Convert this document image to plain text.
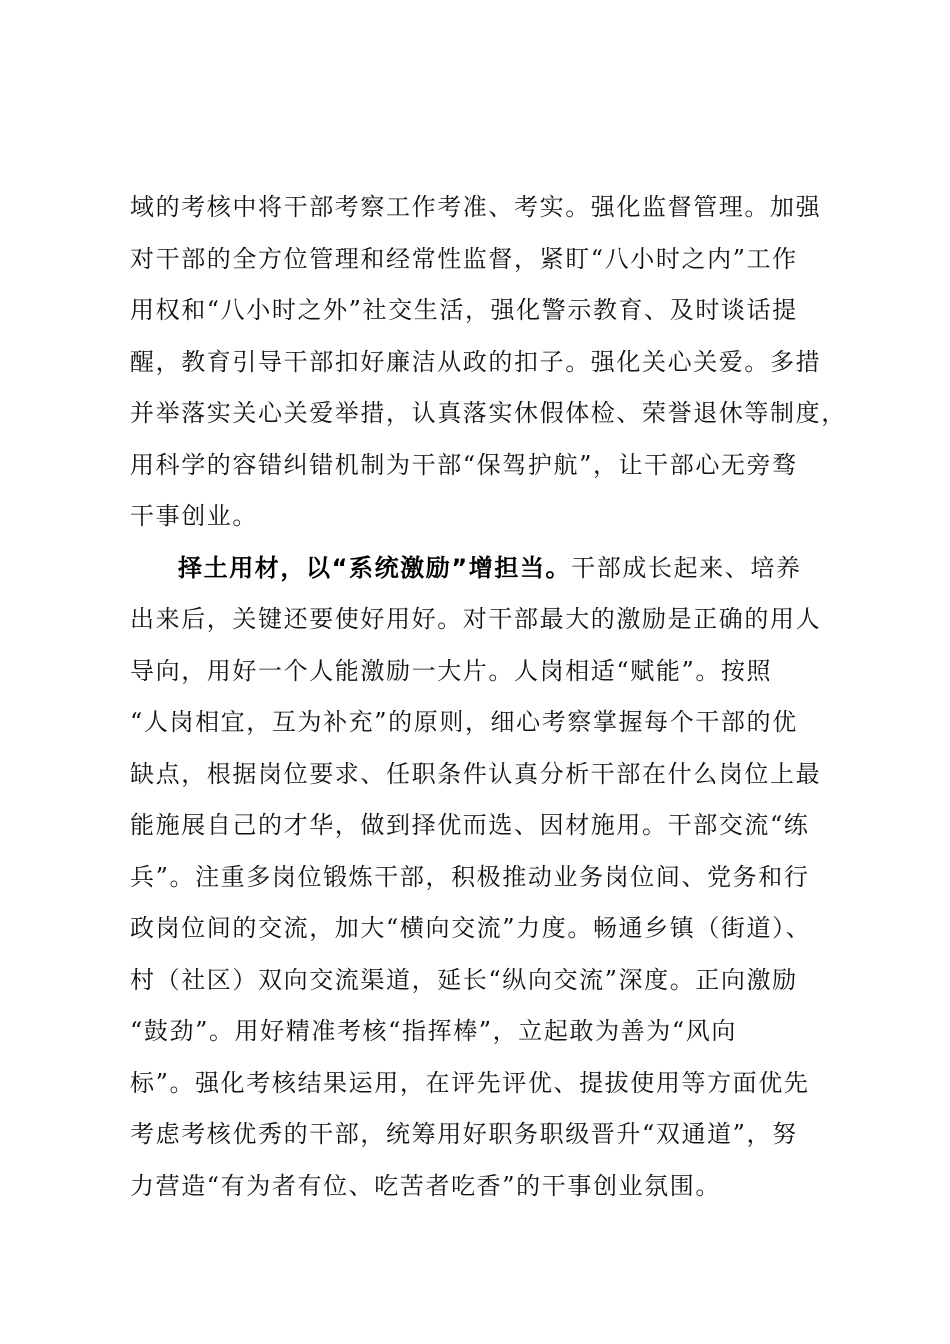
域的考核中将干部考察工作考准、考实。强化监督管理。加强
对干部的全方位管理和经常性监督，紧盯“八小时之内”工作
用权和“八小时之外”社交生活，强化警示教育、及时谈话提
醒，教育引导干部扣好廉洁从政的扣子。强化关心关爱。多措
并举落实关心关爱举措，认真落实休假体检、荣誉退休等制度，
用科学的容错纠错机制为干部“保驾护航”，让干部心无旁骛
干事创业。
择土用材，以“系统激励”增担当。干部成长起来、培养
出来后，关键还要使好用好。对干部最大的激励是正确的用人
导向，用好一个人能激励一大片。人岗相适“赋能”。按照
“人岗相宜，互为补充”的原则，细心考察掌握每个干部的优
缺点，根据岗位要求、任职条件认真分析干部在什么岗位上最
能施展自己的才华，做到择优而选、因材施用。干部交流“练
兵”。注重多岗位锻炼干部，积极推动业务岗位间、党务和行
政岗位间的交流，加大“横向交流”力度。畅通乡镇（街道）、
村（社区）双向交流渠道，延长“纵向交流”深度。正向激励
“鼓劲”。用好精准考核“指挥棒”，立起敢为善为“风向
标”。强化考核结果运用，在评先评优、提拔使用等方面优先
考虑考核优秀的干部，统筹用好职务职级晋升“双通道”，努
力营造“有为者有位、吃苦者吃香”的干事创业氛围。
